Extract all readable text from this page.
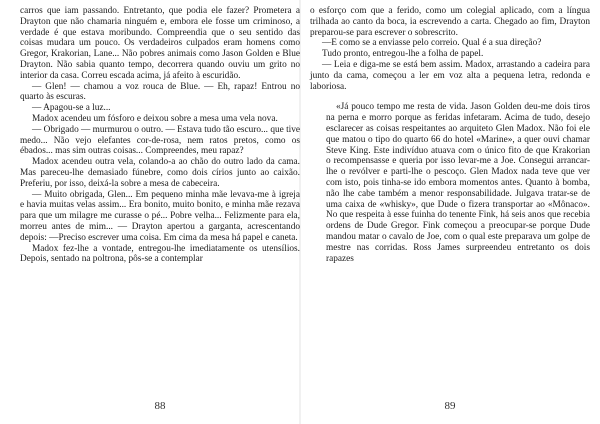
carros que iam passando. Entretanto, que podia ele fazer? Prometera a Drayton que não chamaria ninguém e, embora ele fosse um criminoso, a verdade é que estava moribundo. Compreendia que o seu sentido das coisas mudara um pouco. Os verdadeiros culpados eram homens como Gregor, Krakorian, Lane... Não pobres animais como Jason Golden e Blue Drayton. Não sabia quanto tempo, decorrera quando ouviu um grito no interior da casa. Correu escada acima, já afeito à escuridão.

— Glen! — chamou a voz rouca de Blue. — Eh, rapaz! Entrou no quarto às escuras.

— Apagou-se a luz...

Madox acendeu um fósforo e deixou sobre a mesa uma vela nova.

— Obrigado — murmurou o outro. — Estava tudo tão escuro... que tive medo... Não vejo elefantes cor-de-rosa, nem ratos pretos, como os ébados... mas sim outras coisas... Compreendes, meu rapaz?

Madox acendeu outra vela, colando-a ao chão do outro lado da cama. Mas pareceu-lhe demasiado fúnebre, como dois círios junto ao caixão. Preferiu, por isso, deixá-la sobre a mesa de cabeceira.

— Muito obrigada, Glen... Em pequeno minha mãe levava-me à igreja e havia muitas velas assim... Era bonito, muito bonito, e minha mãe rezava para que um milagre me curasse o pé... Pobre velha... Felizmente para ela, morreu antes de mim... — Drayton apertou a garganta, acrescentando depois: —Preciso escrever uma coisa. Em cima da mesa há papel e caneta.

Madox fez-lhe a vontade, entregou-lhe imediatamente os utensílios. Depois, sentado na poltrona, pôs-se a contemplar

88

o esforço com que a ferido, como um colegial aplicado, com a língua trilhada ao canto da boca, ia escrevendo a carta. Chegado ao fim, Drayton preparou-se para escrever o sobrescrito.

—E como se a enviasse pelo correio. Qual é a sua direção?

Tudo pronto, entregou-lhe a folha de papel.

— Leia e diga-me se está bem assim. Madox, arrastando a cadeira para junto da cama, começou a ler em voz alta a pequena letra, redonda e laboriosa.

«Já pouco tempo me resta de vida. Jason Golden deu-me dois tiros na perna e morro porque as feridas infetaram. Acima de tudo, desejo esclarecer as coisas respeitantes ao arquiteto Glen Madox. Não foi ele que matou o tipo do quarto 66 do hotel «Marine», a quer ouvi chamar Steve King. Este indivíduo atuava com o único fito de que Krakorian o recompensasse e queria por isso levar-me a Joe. Consegui arrancar-lhe o revólver e parti-lhe o pescoço. Glen Madox nada teve que ver com isto, pois tinha-se ido embora momentos antes. Quanto à bomba, não lhe cabe também a menor responsabilidade. Julgava tratar-se de uma caixa de «whisky», que Dude o fizera transportar ao «Mônaco». No que respeita à esse fuinha do tenente Fink, há seis anos que recebia ordens de Dude Gregor. Fink começou a preocupar-se porque Dude mandou matar o cavalo de Joe, com o qual este preparava um golpe de mestre nas corridas. Ross James surpreendeu entretanto os dois rapazes

89
